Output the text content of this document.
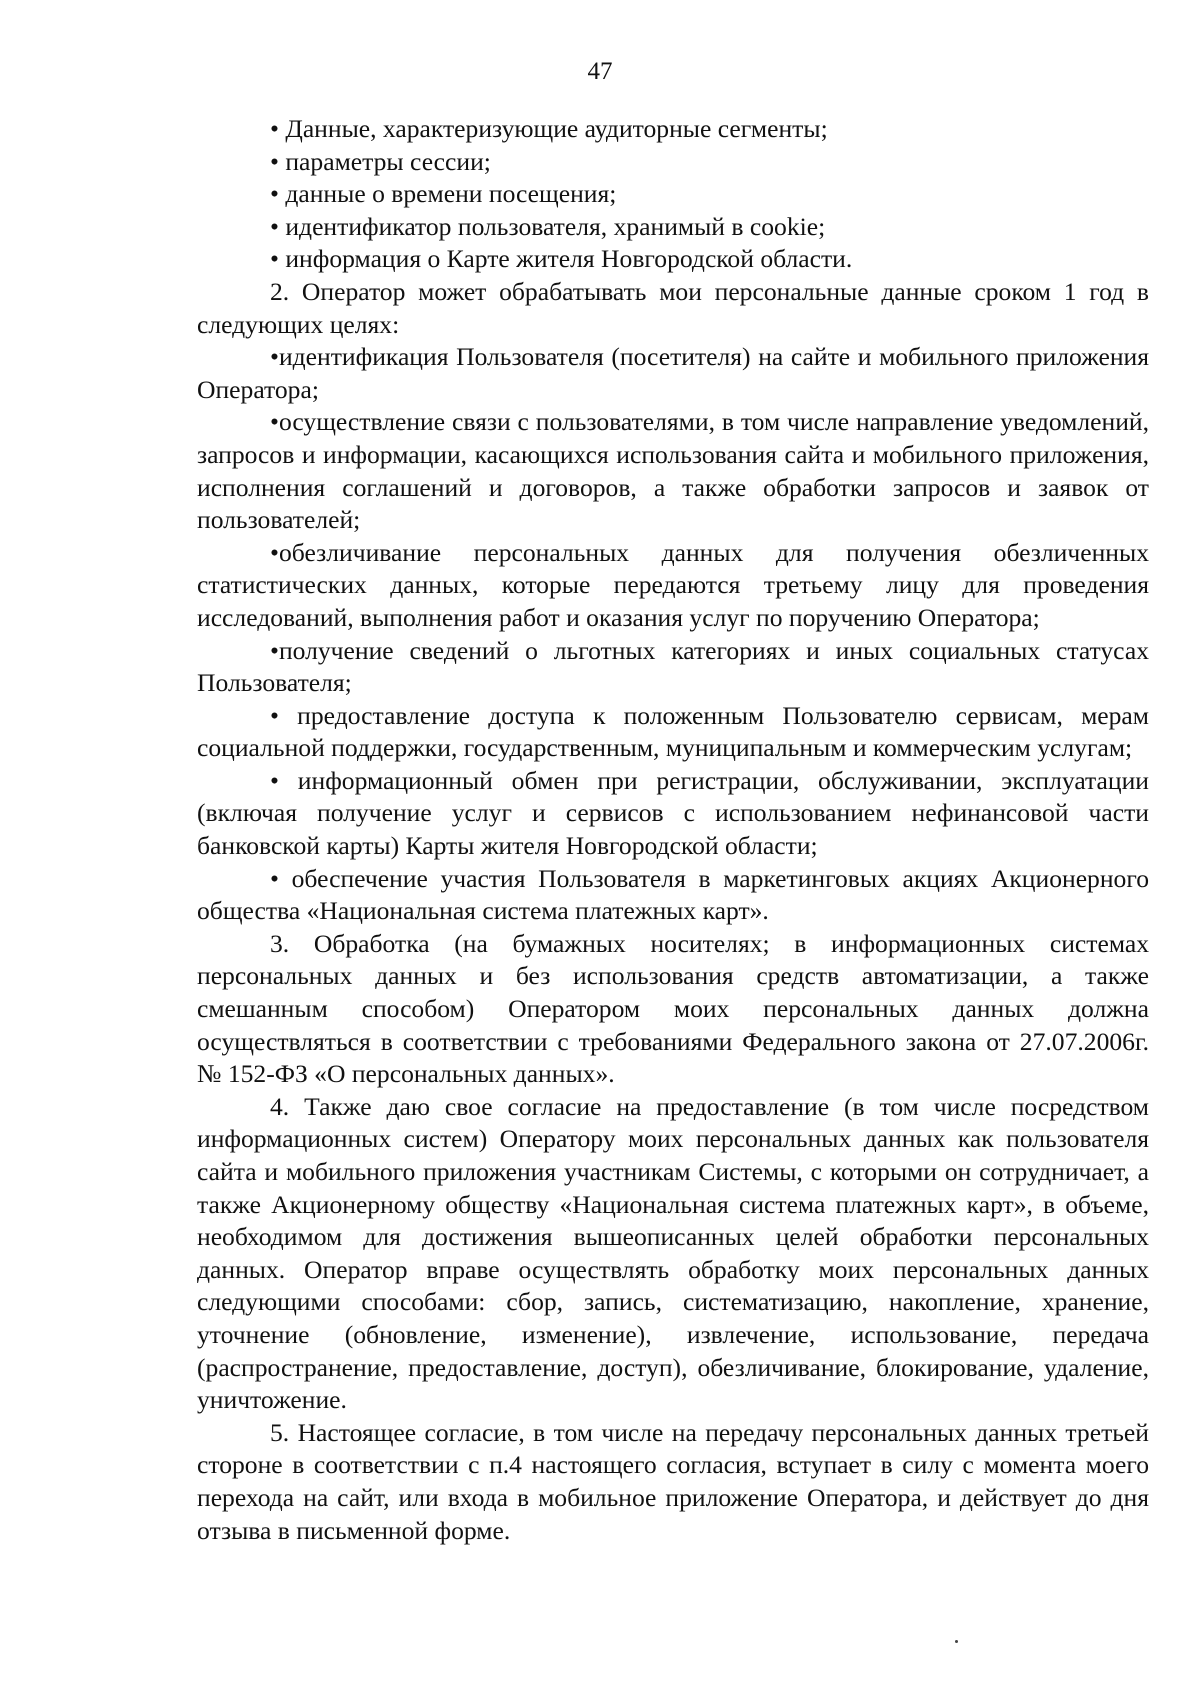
47

• Данные, характеризующие аудиторные сегменты;

• параметры сессии;

• данные о времени посещения;

• идентификатор пользователя, хранимый в cookie;

• информация о Карте жителя Новгородской области.

2. Оператор может обрабатывать мои персональные данные сроком 1 год в следующих целях:

•идентификация Пользователя (посетителя) на сайте и мобильного приложения Оператора;

•осуществление связи с пользователями, в том числе направление уведомлений, запросов и информации, касающихся использования сайта и мобильного приложения, исполнения соглашений и договоров, а также обработки запросов и заявок от пользователей;

•обезличивание персональных данных для получения обезличенных статистических данных, которые передаются третьему лицу для проведения исследований, выполнения работ и оказания услуг по поручению Оператора;

•получение сведений о льготных категориях и иных социальных статусах Пользователя;

• предоставление доступа к положенным Пользователю сервисам, мерам социальной поддержки, государственным, муниципальным и коммерческим услугам;

• информационный обмен при регистрации, обслуживании, эксплуатации (включая получение услуг и сервисов с использованием нефинансовой части банковской карты) Карты жителя Новгородской области;

• обеспечение участия Пользователя в маркетинговых акциях Акционерного общества «Национальная система платежных карт».

3. Обработка (на бумажных носителях; в информационных системах персональных данных и без использования средств автоматизации, а также смешанным способом) Оператором моих персональных данных должна осуществляться в соответствии с требованиями Федерального закона от 27.07.2006г. № 152-ФЗ «О персональных данных».

4. Также даю свое согласие на предоставление (в том числе посредством информационных систем) Оператору моих персональных данных как пользователя сайта и мобильного приложения участникам Системы, с которыми он сотрудничает, а также Акционерному обществу «Национальная система платежных карт», в объеме, необходимом для достижения вышеописанных целей обработки персональных данных. Оператор вправе осуществлять обработку моих персональных данных следующими способами: сбор, запись, систематизацию, накопление, хранение, уточнение (обновление, изменение), извлечение, использование, передача (распространение, предоставление, доступ), обезличивание, блокирование, удаление, уничтожение.

5. Настоящее согласие, в том числе на передачу персональных данных третьей стороне в соответствии с п.4 настоящего согласия, вступает в силу с момента моего перехода на сайт, или входа в мобильное приложение Оператора, и действует до дня отзыва в письменной форме.
